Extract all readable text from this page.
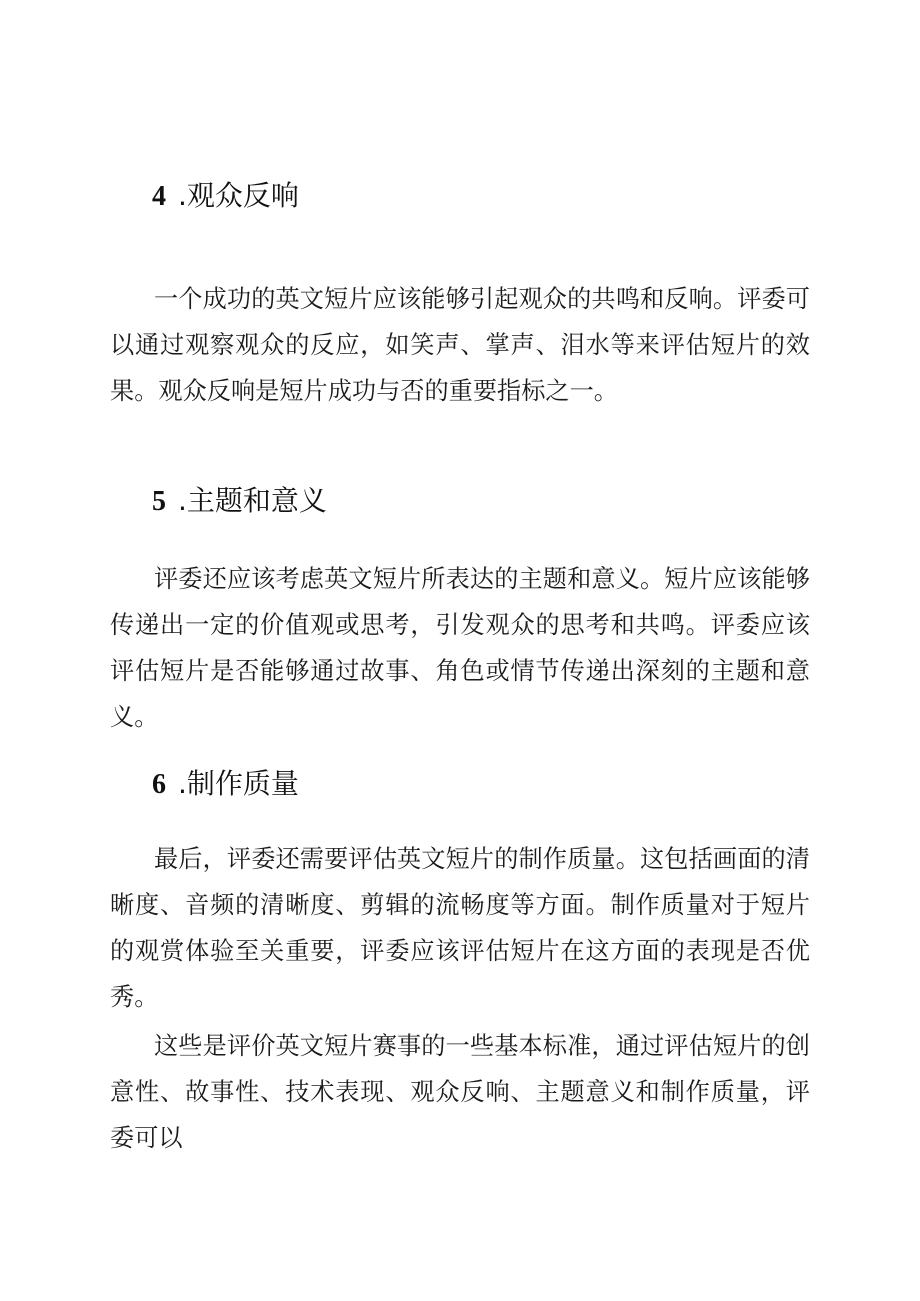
4 .观众反响

一个成功的英文短片应该能够引起观众的共鸣和反响。评委可以通过观察观众的反应，如笑声、掌声、泪水等来评估短片的效果。观众反响是短片成功与否的重要指标之一。

5 .主题和意义

评委还应该考虑英文短片所表达的主题和意义。短片应该能够传递出一定的价值观或思考，引发观众的思考和共鸣。评委应该评估短片是否能够通过故事、角色或情节传递出深刻的主题和意义。

6 .制作质量

最后，评委还需要评估英文短片的制作质量。这包括画面的清晰度、音频的清晰度、剪辑的流畅度等方面。制作质量对于短片的观赏体验至关重要，评委应该评估短片在这方面的表现是否优秀。

这些是评价英文短片赛事的一些基本标准，通过评估短片的创意性、故事性、技术表现、观众反响、主题意义和制作质量，评委可以
